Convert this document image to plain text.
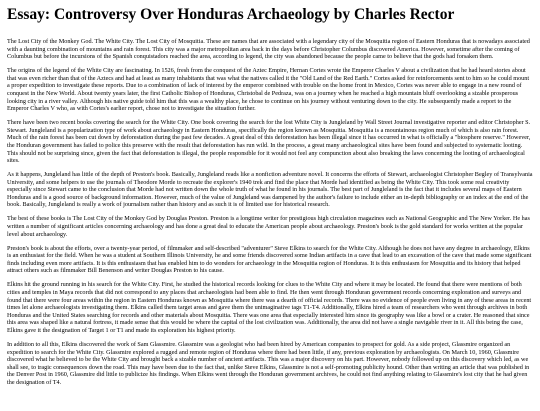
Essay: Controversy Over Honduras Archaeology by Charles Rector

The Lost City of the Monkey God. The White City. The Lost City of Mosquitia. These are names that are associated with a legendary city of the Mosquitia region of Eastern Honduras that is nowadays associated with a daunting combination of mountains and rain forest. This city was a major metropolitan area back in the days before Christopher Columbus discovered America. However, sometime after the coming of Columbus but before the incursions of the Spanish conquistadors reached the area, according to legend, the city was abandoned because the people came to believe that the gods had forsaken them.

The origins of the legend of the White City are fascinating. In 1526, fresh from the conquest of the Aztec Empire, Hernan Cortes wrote the Emperor Charles V about a civilization that he had heard stories about that was even richer than that of the Aztecs and had at least as many inhabitants that was what the natives called it the "Old Land of the Red Earth." Cortes asked for reinforcements sent to him so he could mount a proper expedition to investigate these reports. Due to a combination of lack of interest by the emperor combined with trouble on the home front in Mexico, Cortes was never able to engage in a new round of conquest in the New World. About twenty years later, the first Catholic Bishop of Honduras, Christobal de Pedraza, was on a journey when he reached a high mountain bluff overlooking a sizable prosperous looking city in a river valley. Although his native guide told him that this was a wealthy place, he chose to continue on his journey without venturing down to the city. He subsequently made a report to the Emperor Charles V who, as with Cortes's earlier report, chose not to investigate the situation further.

There have been two recent books covering the search for the White City. One book covering the search for the lost White City is Jungleland by Wall Street Journal investigative reporter and editor Christopher S. Stewart. Jungleland is a popularization type of work about archaeology in Eastern Honduras, specifically the region known as Mosquitia. Mosquitia is a mountainous region much of which is also rain forest. Much of the rain forest has been cut down by deforestation during the past few decades. A great deal of this deforestation has been illegal since it has occurred in what is officially a "biosphere reserve." However, the Honduran government has failed to police this preserve with the result that deforestation has run wild. In the process, a great many archaeological sites have been found and subjected to systematic looting. This should not be surprising since, given the fact that deforestation is illegal, the people responsible for it would not feel any compunction about also breaking the laws concerning the looting of archaeological sites.

As it happens, Jungleland has little of the depth of Preston's book. Basically, Jungleland reads like a nonfiction adventure novel. It concerns the efforts of Stewart, archaeologist Christopher Begley of Transylvania University, and some helpers to use the journals of Theodore Morde to recreate the explorer's 1940 trek and find the place that Morde had identified as being the White City. This took some real creativity especially since Stewart came to the conclusion that Morde had not written down the whole truth of what he found in his journals. The best part of Jungleland is the fact that it includes several maps of Eastern Honduras and is a good source of background information. However, much of the value of Jungleland was dampened by the author's failure to include either an in-depth bibliography or an index at the end of the book. Basically, Jungleland is really a work of journalism rather than history and as such it is of limited use for historical research.

The best of these books is The Lost City of the Monkey God by Douglas Preston. Preston is a longtime writer for prestigious high circulation magazines such as National Geographic and The New Yorker. He has written a number of significant articles concerning archaeology and has done a great deal to educate the American people about archaeology. Preston's book is the gold standard for works written at the popular level about archaeology.

Preston's book is about the efforts, over a twenty-year period, of filmmaker and self-described "adventurer" Steve Elkins to search for the White City. Although he does not have any degree in archaeology, Elkins is an enthusiast for the field. When he was a student at Southern Illinois University, he and some friends discovered some Indian artifacts in a cave that lead to an excavation of the cave that made some significant finds including even more artifacts. It is this enthusiasm that has enabled him to do wonders for archaeology in the Mosquitia region of Honduras. It is this enthusiasm for Mosquitia and its history that helped attract others such as filmmaker Bill Benenson and writer Douglas Preston to his cause.

Elkins hit the ground running in his search for the White City. First, he studied the historical records looking for clues to the White City and where it may be located. He found that there were mentions of both cities and temples in Maya records that did not correspond to any places that archaeologists had been able to find. He then went through Honduran government records concerning exploration and surveys and found that there were four areas within the region in Eastern Honduras known as Mosquitia where there was a dearth of official records. There was no evidence of people even living in any of these areas in recent times let alone archaeologists investigating them. Elkins called them target areas and gave them the unimaginative tags T1-T4. Additionally, Elkins hired a team of researchers who went through archives in both Honduras and the United States searching for records and other materials about Mosquitia. There was one area that especially interested him since its geography was like a bowl or a crater. He reasoned that since this area was shaped like a natural fortress, it made sense that this would be where the capital of the lost civilization was. Additionally, the area did not have a single navigable river in it. All this being the case, Elkins gave it the designation of Target 1 or T1 and made its exploration his highest priority.

In addition to all this, Elkins discovered the work of Sam Glassmire. Glassmire was a geologist who had been hired by American companies to prospect for gold. As a side project, Glassmire organized an expedition to search for the White City. Glassmire explored a rugged and remote region of Honduras where there had been little, if any, previous exploration by archaeologists. On March 10, 1960, Glassmire discovered what he believed to be the White City and brought back a sizable number of ancient artifacts. This was a major discovery on his part. However, nobody followed up on this discovery which led, as we shall see, to tragic consequences down the road. This may have been due to the fact that, unlike Steve Elkins, Glassmire is not a self-promoting publicity hound. Other than writing an article that was published in the Denver Post in 1960, Glassmire did little to publicize his findings. When Elkins went through the Honduran government archives, he could not find anything relating to Glassmire's lost city that he had given the designation of T4.
